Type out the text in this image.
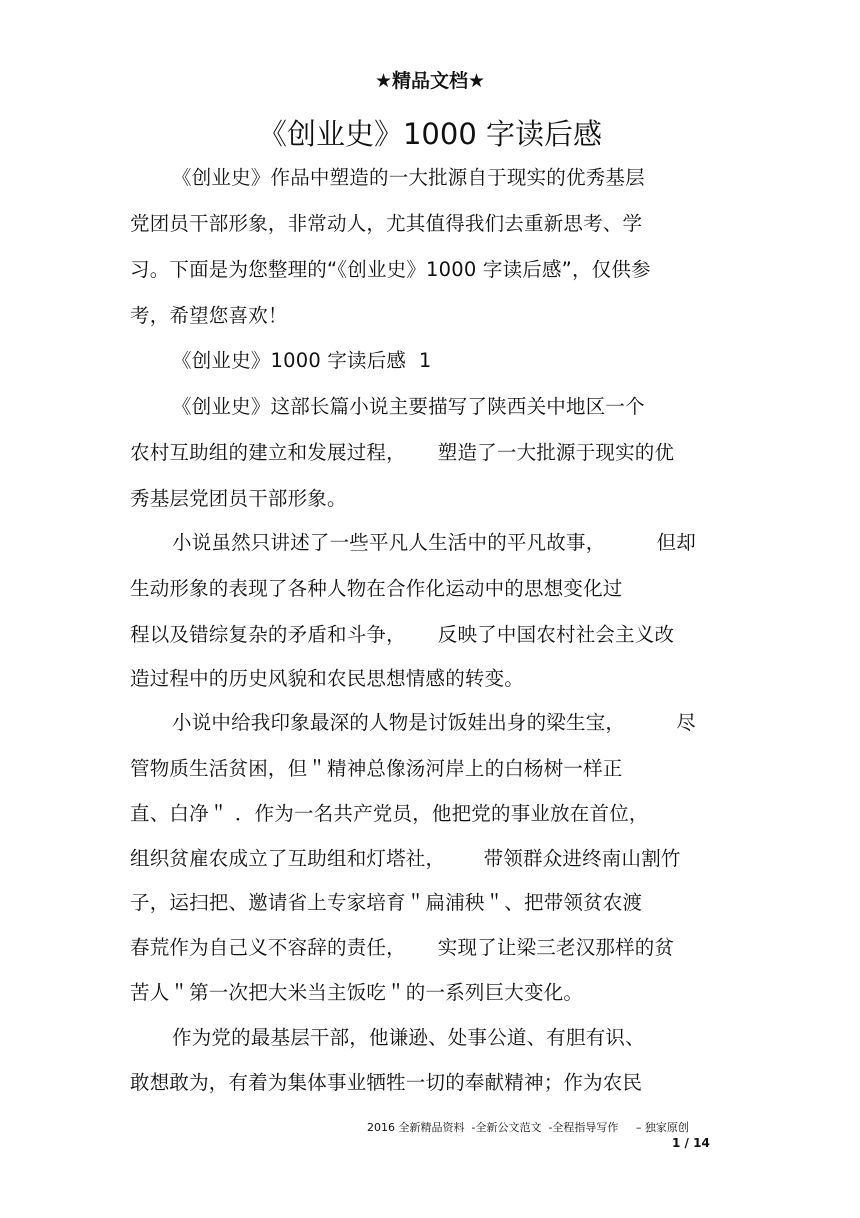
★精品文档★
《创业史》1000 字读后感
《创业史》作品中塑造的一大批源自于现实的优秀基层
党团员干部形象，非常动人，尤其值得我们去重新思考、学
习。下面是为您整理的“《创业史》1000 字读后感”，仅供参
考，希望您喜欢！
《创业史》1000 字读后感  1
《创业史》这部长篇小说主要描写了陕西关中地区一个
农村互助组的建立和发展过程，     塑造了一大批源于现实的优
秀基层党团员干部形象。
小说虽然只讲述了一些平凡人生活中的平凡故事，        但却
生动形象的表现了各种人物在合作化运动中的思想变化过
程以及错综复杂的矛盾和斗争，     反映了中国农村社会主义改
造过程中的历史风貌和农民思想情感的转变。
小说中给我印象最深的人物是讨饭娃出身的梁生宝，        尽
管物质生活贫困，但＂精神总像汤河岸上的白杨树一样正
直、白净＂ ．作为一名共产党员，他把党的事业放在首位，
组织贫雇农成立了互助组和灯塔社，      带领群众进终南山割竹
子，运扫把、邀请省上专家培育＂扁浦秧＂、把带领贫农渡
春荒作为自己义不容辞的责任，     实现了让梁三老汉那样的贫
苦人＂第一次把大米当主饭吃＂的一系列巨大变化。
作为党的最基层干部，他谦逊、处事公道、有胆有识、
敢想敢为，有着为集体事业牺牲一切的奉献精神；作为农民
2016 全新精品资料  -全新公文范文  -全程指导写作     – 独家原创
1 / 14
